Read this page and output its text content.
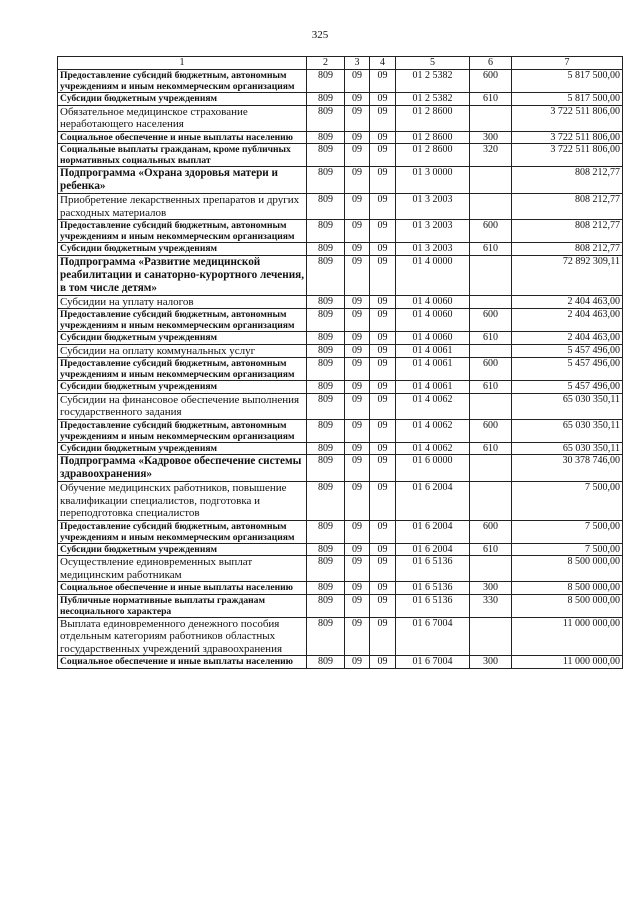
325
1	2	3	4	5	6	7
Предоставление субсидий бюджетным, автономным учреждениям и иным некоммерческим организациям	809	09	09	01 2 5382	600	5 817 500,00
Субсидии бюджетным учреждениям	809	09	09	01 2 5382	610	5 817 500,00
Обязательное медицинское страхование неработающего населения	809	09	09	01 2 8600		3 722 511 806,00
Социальное обеспечение и иные выплаты населению	809	09	09	01 2 8600	300	3 722 511 806,00
Социальные выплаты гражданам, кроме публичных нормативных социальных выплат	809	09	09	01 2 8600	320	3 722 511 806,00
Подпрограмма «Охрана здоровья матери и ребенка»	809	09	09	01 3 0000		808 212,77
Приобретение лекарственных препаратов и других расходных материалов	809	09	09	01 3 2003		808 212,77
Предоставление субсидий бюджетным, автономным учреждениям и иным некоммерческим организациям	809	09	09	01 3 2003	600	808 212,77
Субсидии бюджетным учреждениям	809	09	09	01 3 2003	610	808 212,77
Подпрограмма «Развитие медицинской реабилитации и санаторно-курортного лечения, в том числе детям»	809	09	09	01 4 0000		72 892 309,11
Субсидии на уплату налогов	809	09	09	01 4 0060		2 404 463,00
Предоставление субсидий бюджетным, автономным учреждениям и иным некоммерческим организациям	809	09	09	01 4 0060	600	2 404 463,00
Субсидии бюджетным учреждениям	809	09	09	01 4 0060	610	2 404 463,00
Субсидии на оплату коммунальных услуг	809	09	09	01 4 0061		5 457 496,00
Предоставление субсидий бюджетным, автономным учреждениям и иным некоммерческим организациям	809	09	09	01 4 0061	600	5 457 496,00
Субсидии бюджетным учреждениям	809	09	09	01 4 0061	610	5 457 496,00
Субсидии на финансовое обеспечение выполнения государственного задания	809	09	09	01 4 0062		65 030 350,11
Предоставление субсидий бюджетным, автономным учреждениям и иным некоммерческим организациям	809	09	09	01 4 0062	600	65 030 350,11
Субсидии бюджетным учреждениям	809	09	09	01 4 0062	610	65 030 350,11
Подпрограмма «Кадровое обеспечение системы здравоохранения»	809	09	09	01 6 0000		30 378 746,00
Обучение медицинских работников, повышение квалификации специалистов, подготовка и переподготовка специалистов	809	09	09	01 6 2004		7 500,00
Предоставление субсидий бюджетным, автономным учреждениям и иным некоммерческим организациям	809	09	09	01 6 2004	600	7 500,00
Субсидии бюджетным учреждениям	809	09	09	01 6 2004	610	7 500,00
Осуществление единовременных выплат медицинским работникам	809	09	09	01 6 5136		8 500 000,00
Социальное обеспечение и иные выплаты населению	809	09	09	01 6 5136	300	8 500 000,00
Публичные нормативные выплаты гражданам несоциального характера	809	09	09	01 6 5136	330	8 500 000,00
Выплата единовременного денежного пособия отдельным категориям работников областных государственных учреждений здравоохранения	809	09	09	01 6 7004		11 000 000,00
Социальное обеспечение и иные выплаты населению	809	09	09	01 6 7004	300	11 000 000,00
